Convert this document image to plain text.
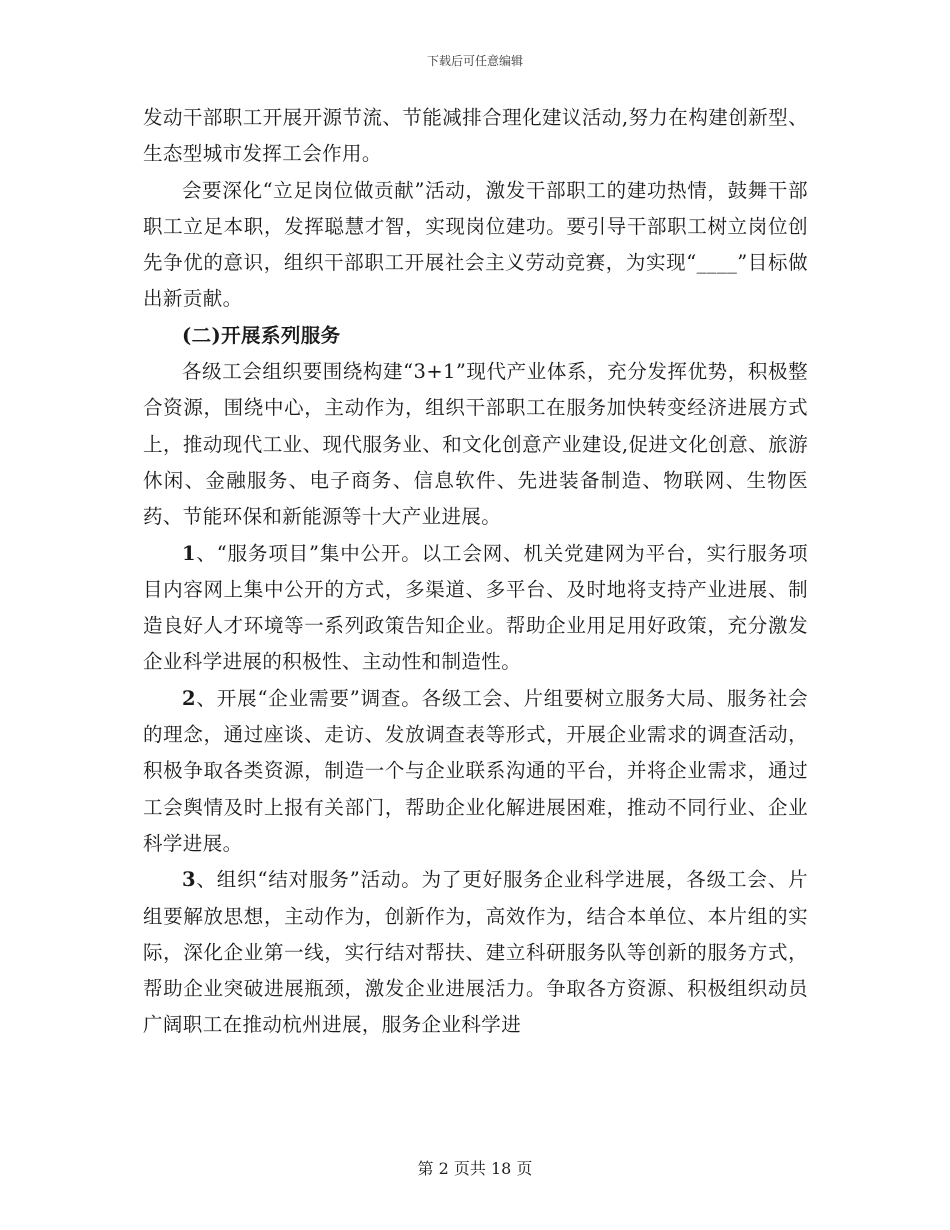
下载后可任意编辑

发动干部职工开展开源节流、节能减排合理化建议活动,努力在构建创新型、生态型城市发挥工会作用。

会要深化“立足岗位做贡献”活动，激发干部职工的建功热情，鼓舞干部职工立足本职，发挥聪慧才智，实现岗位建功。要引导干部职工树立岗位创先争优的意识，组织干部职工开展社会主义劳动竞赛，为实现“____”目标做出新贡献。

(二)开展系列服务

各级工会组织要围绕构建“3+1”现代产业体系，充分发挥优势，积极整合资源，围绕中心，主动作为，组织干部职工在服务加快转变经济进展方式上，推动现代工业、现代服务业、和文化创意产业建设,促进文化创意、旅游休闲、金融服务、电子商务、信息软件、先进装备制造、物联网、生物医药、节能环保和新能源等十大产业进展。

1、“服务项目”集中公开。以工会网、机关党建网为平台，实行服务项目内容网上集中公开的方式，多渠道、多平台、及时地将支持产业进展、制造良好人才环境等一系列政策告知企业。帮助企业用足用好政策，充分激发企业科学进展的积极性、主动性和制造性。

2、开展“企业需要”调查。各级工会、片组要树立服务大局、服务社会的理念，通过座谈、走访、发放调查表等形式，开展企业需求的调查活动，积极争取各类资源，制造一个与企业联系沟通的平台，并将企业需求，通过工会舆情及时上报有关部门，帮助企业化解进展困难，推动不同行业、企业科学进展。

3、组织“结对服务”活动。为了更好服务企业科学进展，各级工会、片组要解放思想，主动作为，创新作为，高效作为，结合本单位、本片组的实际，深化企业第一线，实行结对帮扶、建立科研服务队等创新的服务方式，帮助企业突破进展瓶颈，激发企业进展活力。争取各方资源、积极组织动员广阔职工在推动杭州进展，服务企业科学进

第 2 页共 18 页
